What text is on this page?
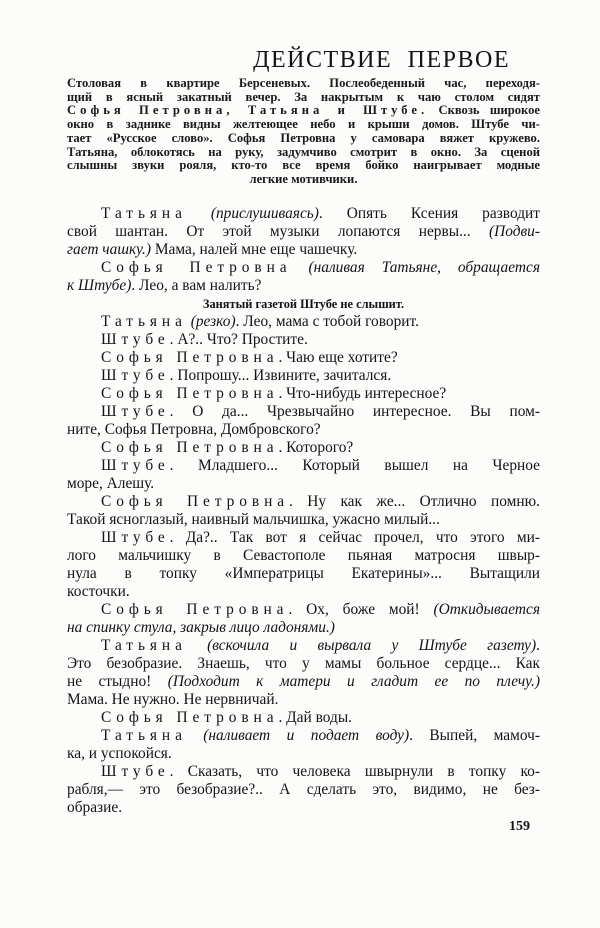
ДЕЙСТВИЕ ПЕРВОЕ
Столовая в квартире Берсеневых. Послеобеденный час, переходя-
щий в ясный закатный вечер. За накрытым к чаю столом сидят
Софья Петровна, Татьяна и Штубе. Сквозь широкое
окно в заднике видны желтеющее небо и крыши домов. Штубе чи-
тает «Русское слово». Софья Петровна у самовара вяжет кружево.
Татьяна, облокотясь на руку, задумчиво смотрит в окно. За сценой
слышны звуки рояля, кто-то все время бойко наигрывает модные
легкие мотивчики.
Татьяна (прислушиваясь). Опять Ксения разводит
свой шантан. От этой музыки лопаются нервы... (Подви-
гает чашку.) Мама, налей мне еще чашечку.
Софья Петровна (наливая Татьяне, обращается
к Штубе). Лео, а вам налить?
Занятый газетой Штубе не слышит.
Татьяна (резко). Лео, мама с тобой говорит.
Штубе. А?.. Что? Простите.
Софья Петровна. Чаю еще хотите?
Штубе. Попрошу... Извините, зачитался.
Софья Петровна. Что-нибудь интересное?
Штубе. О да... Чрезвычайно интересное. Вы пом-
ните, Софья Петровна, Домбровского?
Софья Петровна. Которого?
Штубе. Младшего... Который вышел на Черное
море, Алешу.
Софья Петровна. Ну как же... Отлично помню.
Такой ясноглазый, наивный мальчишка, ужасно милый...
Штубе. Да?.. Так вот я сейчас прочел, что этого ми-
лого мальчишку в Севастополе пьяная матросня швыр-
нула в топку «Императрицы Екатерины»... Вытащили
косточки.
Софья Петровна. Ох, боже мой! (Откидывается
на спинку стула, закрыв лицо ладонями.)
Татьяна (вскочила и вырвала у Штубе газету).
Это безобразие. Знаешь, что у мамы больное сердце... Как
не стыдно! (Подходит к матери и гладит ее по плечу.)
Мама. Не нужно. Не нервничай.
Софья Петровна. Дай воды.
Татьяна (наливает и подает воду). Выпей, мамоч-
ка, и успокойся.
Штубе. Сказать, что человека швырнули в топку ко-
рабля,— это безобразие?.. А сделать это, видимо, не без-
образие.
159
